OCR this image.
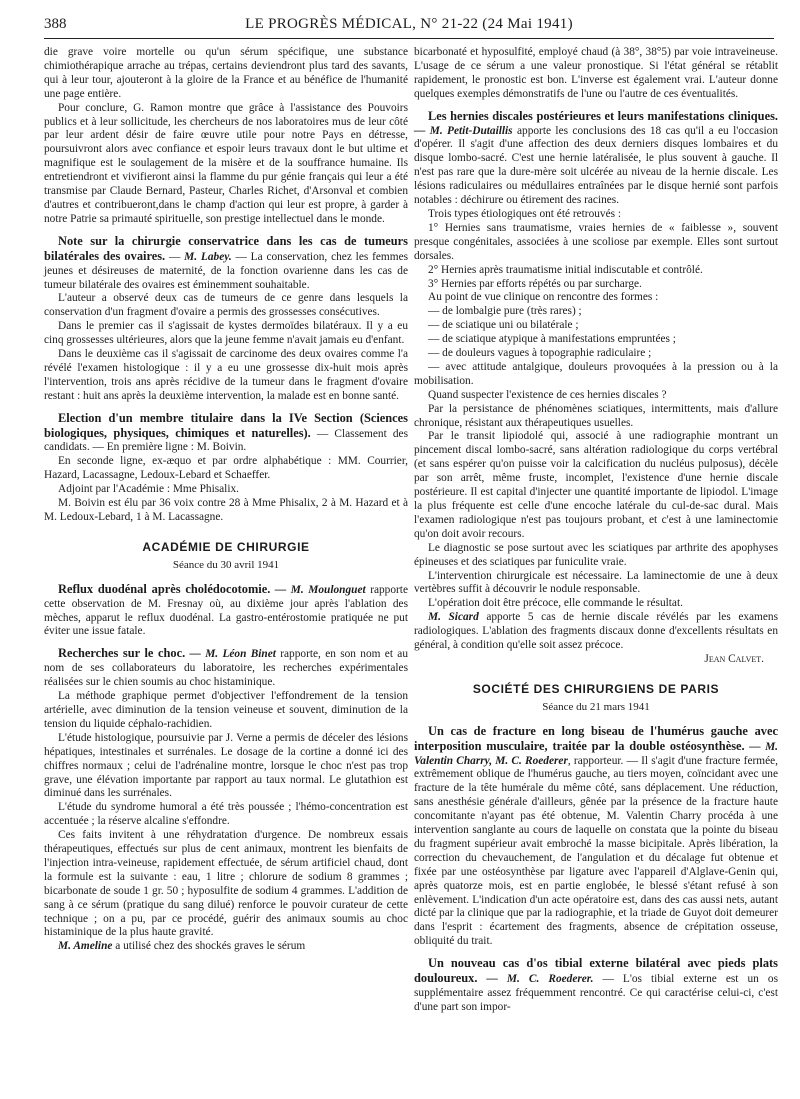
388	LE PROGRÈS MÉDICAL, N° 21-22 (24 Mai 1941)

die grave voire mortelle ou qu'un sérum spécifique, une substance chimiothérapique arrache au trépas, certains deviendront plus tard des savants, qui à leur tour, ajouteront à la gloire de la France et au bénéfice de l'humanité une page entière.

Pour conclure, G. Ramon montre que grâce à l'assistance des Pouvoirs publics et à leur sollicitude, les chercheurs de nos laboratoires mus de leur côté par leur ardent désir de faire œuvre utile pour notre Pays en détresse, poursuivront alors avec confiance et espoir leurs travaux dont le but ultime et magnifique est le soulagement de la misère et de la souffrance humaine. Ils entretiendront et vivifieront ainsi la flamme du pur génie français qui leur a été transmise par Claude Bernard, Pasteur, Charles Richet, d'Arsonval et combien d'autres et contribueront,dans le champ d'action qui leur est propre, à garder à notre Patrie sa primauté spirituelle, son prestige intellectuel dans le monde.

Note sur la chirurgie conservatrice dans les cas de tumeurs bilatérales des ovaires. — M. Labey. — La conservation, chez les femmes jeunes et désireuses de maternité, de la fonction ovarienne dans les cas de tumeur bilatérale des ovaires est éminemment souhaitable.

L'auteur a observé deux cas de tumeurs de ce genre dans lesquels la conservation d'un fragment d'ovaire a permis des grossesses consécutives.

Dans le premier cas il s'agissait de kystes dermoïdes bilatéraux. Il y a eu cinq grossesses ultérieures, alors que la jeune femme n'avait jamais eu d'enfant.

Dans le deuxième cas il s'agissait de carcinome des deux ovaires comme l'a révélé l'examen histologique : il y a eu une grossesse dix-huit mois après l'intervention, trois ans après récidive de la tumeur dans le fragment d'ovaire restant : huit ans après la deuxième intervention, la malade est en bonne santé.

Election d'un membre titulaire dans la IVe Section (Sciences biologiques, physiques, chimiques et naturelles). — Classement des candidats. — En première ligne : M. Boivin.

En seconde ligne, ex-æquo et par ordre alphabétique : MM. Courrier, Hazard, Lacassagne, Ledoux-Lebard et Schaeffer.

Adjoint par l'Académie : Mme Phisalix.

M. Boivin est élu par 36 voix contre 28 à Mme Phisalix, 2 à M. Hazard et à M. Ledoux-Lebard, 1 à M. Lacassagne.

ACADÉMIE DE CHIRURGIE
Séance du 30 avril 1941

Reflux duodénal après cholédocotomie. — M. Moulonguet rapporte cette observation de M. Fresnay où, au dixième jour après l'ablation des mèches, apparut le reflux duodénal. La gastro-entérostomie pratiquée ne put éviter une issue fatale.

Recherches sur le choc. — M. Léon Binet rapporte, en son nom et au nom de ses collaborateurs du laboratoire, les recherches expérimentales réalisées sur le chien soumis au choc histaminique.

La méthode graphique permet d'objectiver l'effondrement de la tension artérielle, avec diminution de la tension veineuse et souvent, diminution de la tension du liquide céphalo-rachidien.

L'étude histologique, poursuivie par J. Verne a permis de déceler des lésions hépatiques, intestinales et surrénales. Le dosage de la cortine a donné ici des chiffres normaux ; celui de l'adrénaline montre, lorsque le choc n'est pas trop grave, une élévation importante par rapport au taux normal. Le glutathion est diminué dans les surrénales.

L'étude du syndrome humoral a été très poussée ; l'hémo-concentration est accentuée ; la réserve alcaline s'effondre.

Ces faits invitent à une réhydratation d'urgence. De nombreux essais thérapeutiques, effectués sur plus de cent animaux, montrent les bienfaits de l'injection intra-veineuse, rapidement effectuée, de sérum artificiel chaud, dont la formule est la suivante : eau, 1 litre ; chlorure de sodium 8 grammes ; bicarbonate de soude 1 gr. 50 ; hyposulfite de sodium 4 grammes. L'addition de sang à ce sérum (pratique du sang dilué) renforce le pouvoir curateur de cette technique ; on a pu, par ce procédé, guérir des animaux soumis au choc histaminique de la plus haute gravité.

M. Ameline a utilisé chez des shockés graves le sérum

bicarbonaté et hyposulfité, employé chaud (à 38°, 38°5) par voie intraveineuse. L'usage de ce sérum a une valeur pronostique. Si l'état général se rétablit rapidement, le pronostic est bon. L'inverse est également vrai. L'auteur donne quelques exemples démonstratifs de l'une ou l'autre de ces éventualités.

Les hernies discales postérieures et leurs manifestations cliniques. — M. Petit-Dutaillis apporte les conclusions des 18 cas qu'il a eu l'occasion d'opérer. Il s'agit d'une affection des deux derniers disques lombaires et du disque lombo-sacré. C'est une hernie latéralisée, le plus souvent à gauche. Il n'est pas rare que la dure-mère soit ulcérée au niveau de la hernie discale. Les lésions radiculaires ou médullaires entraînées par le disque hernié sont parfois notables : déchirure ou étirement des racines.

Trois types étiologiques ont été retrouvés :

1° Hernies sans traumatisme, vraies hernies de « faiblesse », souvent presque congénitales, associées à une scoliose par exemple. Elles sont surtout dorsales.

2° Hernies après traumatisme initial indiscutable et contrôlé.

3° Hernies par efforts répétés ou par surcharge.

Au point de vue clinique on rencontre des formes :

— de lombalgie pure (très rares) ;

— de sciatique uni ou bilatérale ;

— de sciatique atypique à manifestations empruntées ;

— de douleurs vagues à topographie radiculaire ;

— avec attitude antalgique, douleurs provoquées à la pression ou à la mobilisation.

Quand suspecter l'existence de ces hernies discales ?

Par la persistance de phénomènes sciatiques, intermittents, mais d'allure chronique, résistant aux thérapeutiques usuelles.

Par le transit lipiodolé qui, associé à une radiographie montrant un pincement discal lombo-sacré, sans altération radiologique du corps vertébral (et sans espérer qu'on puisse voir la calcification du nucléus pulposus), décèle par son arrêt, même fruste, incomplet, l'existence d'une hernie discale postérieure. Il est capital d'injecter une quantité importante de lipiodol. L'image la plus fréquente est celle d'une encoche latérale du cul-de-sac dural. Mais l'examen radiologique n'est pas toujours probant, et c'est à une laminectomie qu'on doit avoir recours.

Le diagnostic se pose surtout avec les sciatiques par arthrite des apophyses épineuses et des sciatiques par funiculite vraie.

L'intervention chirurgicale est nécessaire. La laminectomie de une à deux vertèbres suffit à découvrir le nodule responsable.

L'opération doit être précoce, elle commande le résultat.

M. Sicard apporte 5 cas de hernie discale révélés par les examens radiologiques. L'ablation des fragments discaux donne d'excellents résultats en général, à condition qu'elle soit assez précoce.

Jean Calvet.

SOCIÉTÉ DES CHIRURGIENS DE PARIS
Séance du 21 mars 1941

Un cas de fracture en long biseau de l'humérus gauche avec interposition musculaire, traitée par la double ostéosynthèse. — M. Valentin Charry, M. C. Roederer, rapporteur. — Il s'agit d'une fracture fermée, extrêmement oblique de l'humérus gauche, au tiers moyen, coïncidant avec une fracture de la tête humérale du même côté, sans déplacement. Une réduction, sans anesthésie générale d'ailleurs, gênée par la présence de la fracture haute concomitante n'ayant pas été obtenue, M. Valentin Charry procéda à une intervention sanglante au cours de laquelle on constata que la pointe du biseau du fragment supérieur avait embroché la masse bicipitale. Après libération, la correction du chevauchement, de l'angulation et du décalage fut obtenue et fixée par une ostéosynthèse par ligature avec l'appareil d'Alglave-Genin qui, après quatorze mois, est en partie englobée, le blessé s'étant refusé à son enlèvement. L'indication d'un acte opératoire est, dans des cas aussi nets, autant dicté par la clinique que par la radiographie, et la triade de Guyot doit demeurer dans l'esprit : écartement des fragments, absence de crépitation osseuse, obliquité du trait.

Un nouveau cas d'os tibial externe bilatéral avec pieds plats douloureux. — M. C. Roederer. — L'os tibial externe est un os supplémentaire assez fréquemment rencontré. Ce qui caractérise celui-ci, c'est d'une part son impor-
